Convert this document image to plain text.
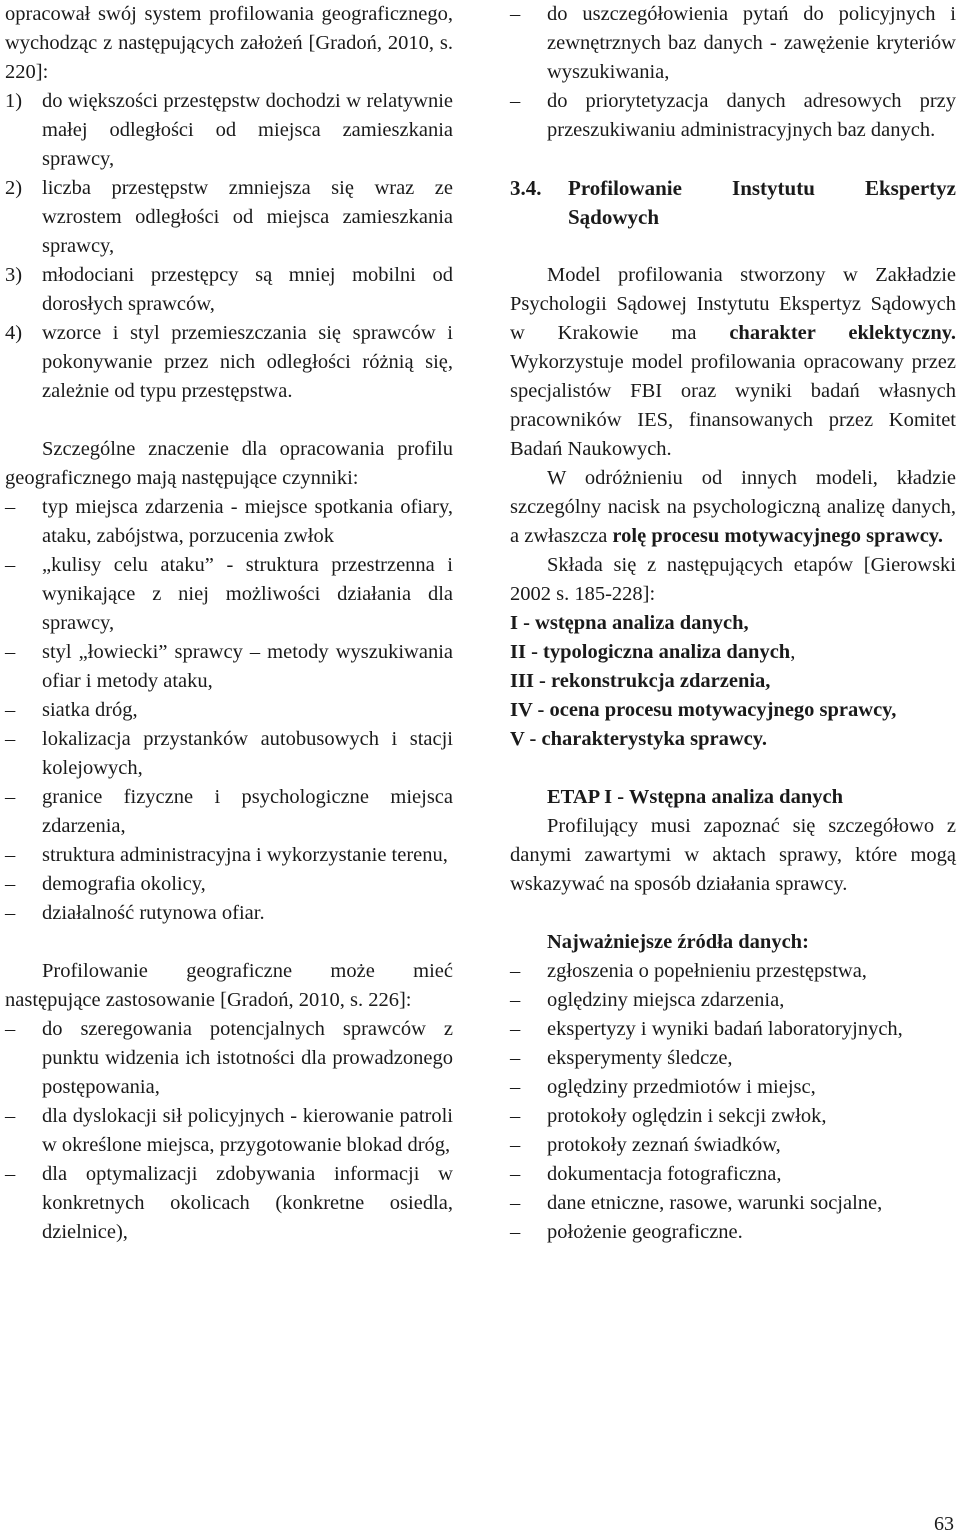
opracował swój system profilowania geograficznego, wychodząc z następujących założeń [Gradoń, 2010, s. 220]:

1) do większości przestępstw dochodzi w relatywnie małej odległości od miejsca zamieszkania sprawcy,
2) liczba przestępstw zmniejsza się wraz ze wzrostem odległości od miejsca zamieszkania sprawcy,
3) młodociani przestępcy są mniej mobilni od dorosłych sprawców,
4) wzorce i styl przemieszczania się sprawców i pokonywanie przez nich odległości różnią się, zależnie od typu przestępstwa.

Szczególne znaczenie dla opracowania profilu geograficznego mają następujące czynniki:

– typ miejsca zdarzenia - miejsce spotkania ofiary, ataku, zabójstwa, porzucenia zwłok
– „kulisy celu ataku” - struktura przestrzenna i wynikające z niej możliwości działania dla sprawcy,
– styl „łowiecki” sprawcy – metody wyszukiwania ofiar i metody ataku,
– siatka dróg,
– lokalizacja przystanków autobusowych i stacji kolejowych,
– granice fizyczne i psychologiczne miejsca zdarzenia,
– struktura administracyjna i wykorzystanie terenu,
– demografia okolicy,
– działalność rutynowa ofiar.

Profilowanie geograficzne może mieć następujące zastosowanie [Gradoń, 2010, s. 226]:

– do szeregowania potencjalnych sprawców z punktu widzenia ich istotności dla prowadzonego postępowania,
– dla dyslokacji sił policyjnych - kierowanie patroli w określone miejsca, przygotowanie blokad dróg,
– dla optymalizacji zdobywania informacji w konkretnych okolicach (konkretne osiedla, dzielnice),
– do uszczegółowienia pytań do policyjnych i zewnętrznych baz danych - zawężenie kryteriów wyszukiwania,
– do priorytetyzacja danych adresowych przy przeszukiwaniu administracyjnych baz danych.
3.4.	Profilowanie Instytutu Ekspertyz
Sądowych

Model profilowania stworzony w Zakładzie Psychologii Sądowej Instytutu Ekspertyz Sądowych w Krakowie ma charakter eklektyczny. Wykorzystuje model profilowania opracowany przez specjalistów FBI oraz wyniki badań własnych pracowników IES, finansowanych przez Komitet Badań Naukowych.

W odróżnieniu od innych modeli, kładzie szczególny nacisk na psychologiczną analizę danych, a zwłaszcza rolę procesu motywacyjnego sprawcy.

Składa się z następujących etapów [Gierowski 2002 s. 185-228]:

I - wstępna analiza danych,

II - typologiczna analiza danych,

III - rekonstrukcja zdarzenia,

IV - ocena procesu motywacyjnego sprawcy,

V - charakterystyka sprawcy.

ETAP I - Wstępna analiza danych

Profilujący musi zapoznać się szczegółowo z danymi zawartymi w aktach sprawy, które mogą wskazywać na sposób działania sprawcy.

Najważniejsze źródła danych:

– zgłoszenia o popełnieniu przestępstwa,
– oględziny miejsca zdarzenia,
– ekspertyzy i wyniki badań laboratoryjnych,
– eksperymenty śledcze,
– oględziny przedmiotów i miejsc,
– protokoły oględzin i sekcji zwłok,
– protokoły zeznań świadków,
– dokumentacja fotograficzna,
– dane etniczne, rasowe, warunki socjalne,
– położenie geograficzne.
63
